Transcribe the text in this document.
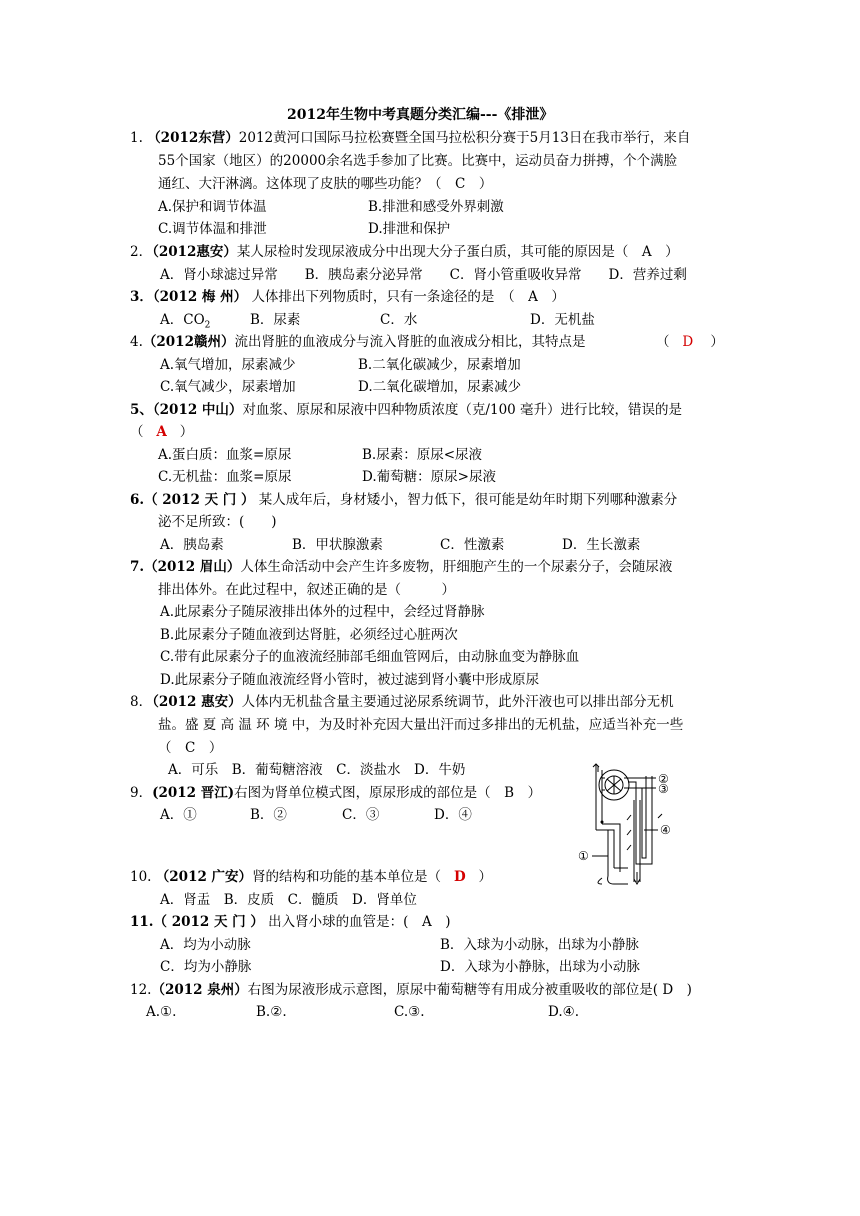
2012年生物中考真题分类汇编---《排泄》
1. （2012东营）2012黄河口国际马拉松赛暨全国马拉松积分赛于5月13日在我市举行，来自
55个国家（地区）的20000余名选手参加了比赛。比赛中，运动员奋力拼搏，个个满脸
通红、大汗淋漓。这体现了皮肤的哪些功能？（　C　）
A.保护和调节体温	B.排泄和感受外界刺激
C.调节体温和排泄	D.排泄和保护
2．（2012惠安）某人尿检时发现尿液成分中出现大分子蛋白质，其可能的原因是（　A　）
A．肾小球滤过异常　　B．胰岛素分泌异常　　C．肾小管重吸收异常　　D．营养过剩
3．（2012 梅 州） 人体排出下列物质时，只有一条途径的是　（　A　）
A．$CO_2$	B．尿素	C．水	D．无机盐
4.（2012赣州）流出肾脏的血液成分与流入肾脏的血液成分相比，其特点是	（ D ）
A.氧气增加，尿素减少	B.二氧化碳减少，尿素增加
C.氧气减少，尿素增加	D.二氧化碳增加，尿素减少
5、（2012 中山）对血浆、原尿和尿液中四种物质浓度（克/100 毫升）进行比较，错误的是
（ A ）
A.蛋白质：血浆=原尿	B.尿素：原尿<尿液
C.无机盐：血浆=原尿	D.葡萄糖：原尿>尿液
6.（ 2012 天 门 ） 某人成年后，身材矮小，智力低下，很可能是幼年时期下列哪种激素分
泌不足所致：(　　)
A．胰岛素	B．甲状腺激素	C．性激素	D．生长激素
7.（2012 眉山）人体生命活动中会产生许多废物，肝细胞产生的一个尿素分子，会随尿液
排出体外。在此过程中，叙述正确的是（　　　）
A.此尿素分子随尿液排出体外的过程中，会经过肾静脉
B.此尿素分子随血液到达肾脏，必须经过心脏两次
C.带有此尿素分子的血液流经肺部毛细血管网后，由动脉血变为静脉血
D.此尿素分子随血液流经肾小管时，被过滤到肾小囊中形成原尿
8．（2012 惠安）人体内无机盐含量主要通过泌尿系统调节，此外汗液也可以排出部分无机
盐。盛 夏 高 温 环 境 中，为及时补充因大量出汗而过多排出的无机盐，应适当补充一些
（　C　）
A．可乐　B．葡萄糖溶液　C．淡盐水　D．牛奶
9．(2012 晋江)右图为肾单位模式图，原尿形成的部位是（　B　）
A．①	B．②	C．③	D．④
②
③
④
①
10. （2012 广安）肾的结构和功能的基本单位是（ D ）
A．肾盂　B．皮质　C．髓质　D．肾单位
11.（ 2012 天 门 ） 出入肾小球的血管是：(　A　)
A．均为小动脉	B．入球为小动脉，出球为小静脉
C．均为小静脉	D．入球为小静脉，出球为小动脉
12.（2012 泉州）右图为尿液形成示意图，原尿中葡萄糖等有用成分被重吸收的部位是( D　)
A.①.	B.②.	C.③.	D.④.
